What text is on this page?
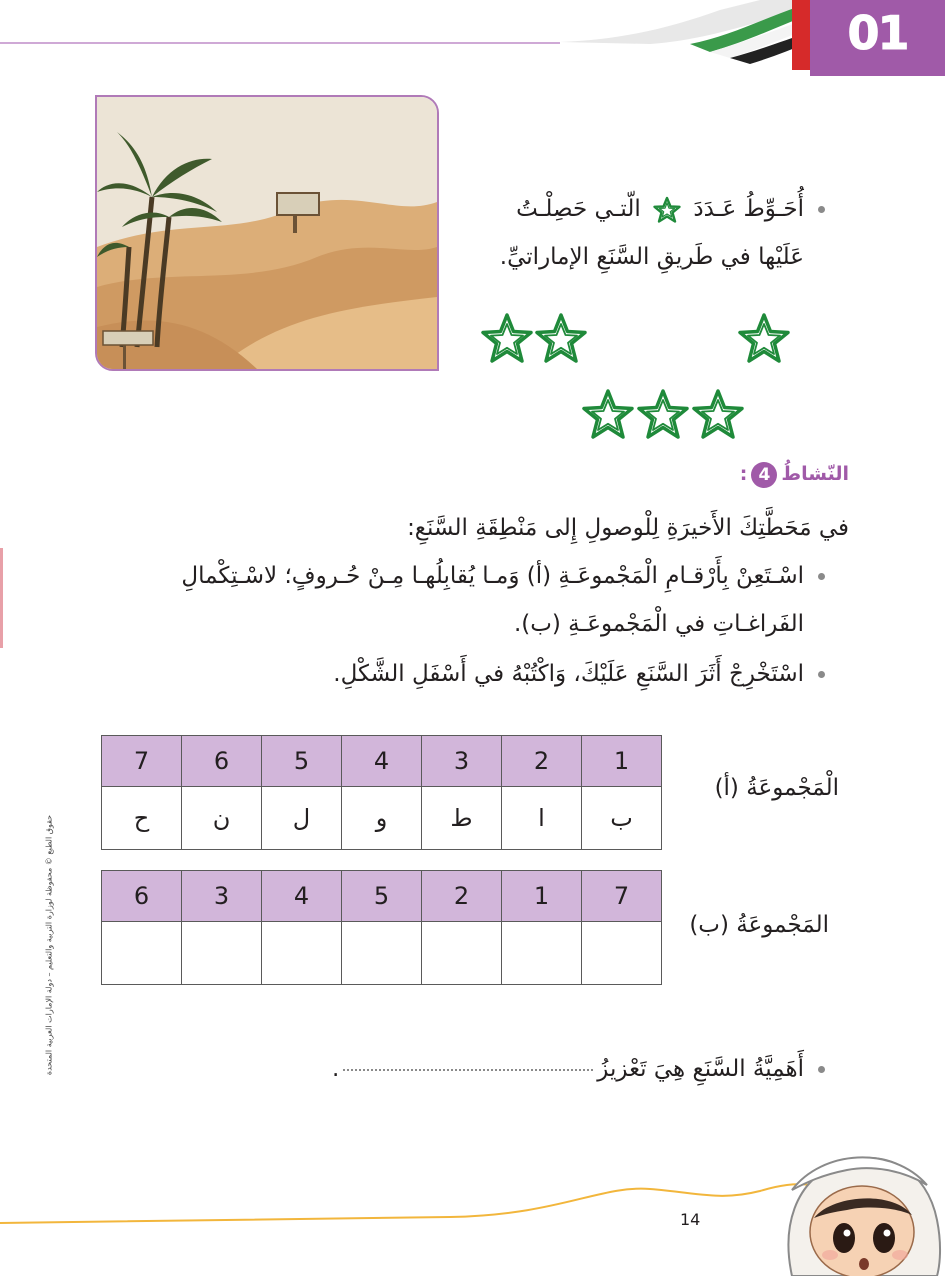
01
أُحَـوِّطُ عَـدَدَ  الّتـي حَصِلْـتُ
عَلَيْها في طَريقِ السَّنَعِ الإماراتيِّ.
النّشاطُ4:
في مَحَطَّتِكَ الأَخيرَةِ لِلْوصولِ إِلى مَنْطِقَةِ السَّنَعِ:
اسْـتَعِنْ بِأَرْقـامِ الْمَجْموعَـةِ (أ) وَمـا يُقابِلُهـا مِـنْ حُـروفٍ؛ لاسْـتِكْمالِ
الفَراغـاتِ في الْمَجْموعَـةِ (ب).
اسْتَخْرِجْ أَثَرَ السَّنَعِ عَلَيْكَ، وَاكْتُبْهُ في أَسْفَلِ الشَّكْلِ.
الْمَجْموعَةُ (أ)
1	2	3	4	5	6	7
ب	ا	ط	و	ل	ن	ح
المَجْموعَةُ (ب)
7	1	2	5	4	3	6

أَهَمِيَّةُ السَّنَعِ هِيَ تَعْزيزُ.
حقوق الطبع © محفوظة لوزارة التربية والتعليم – دولة الإمارات العربية المتحدة
14
